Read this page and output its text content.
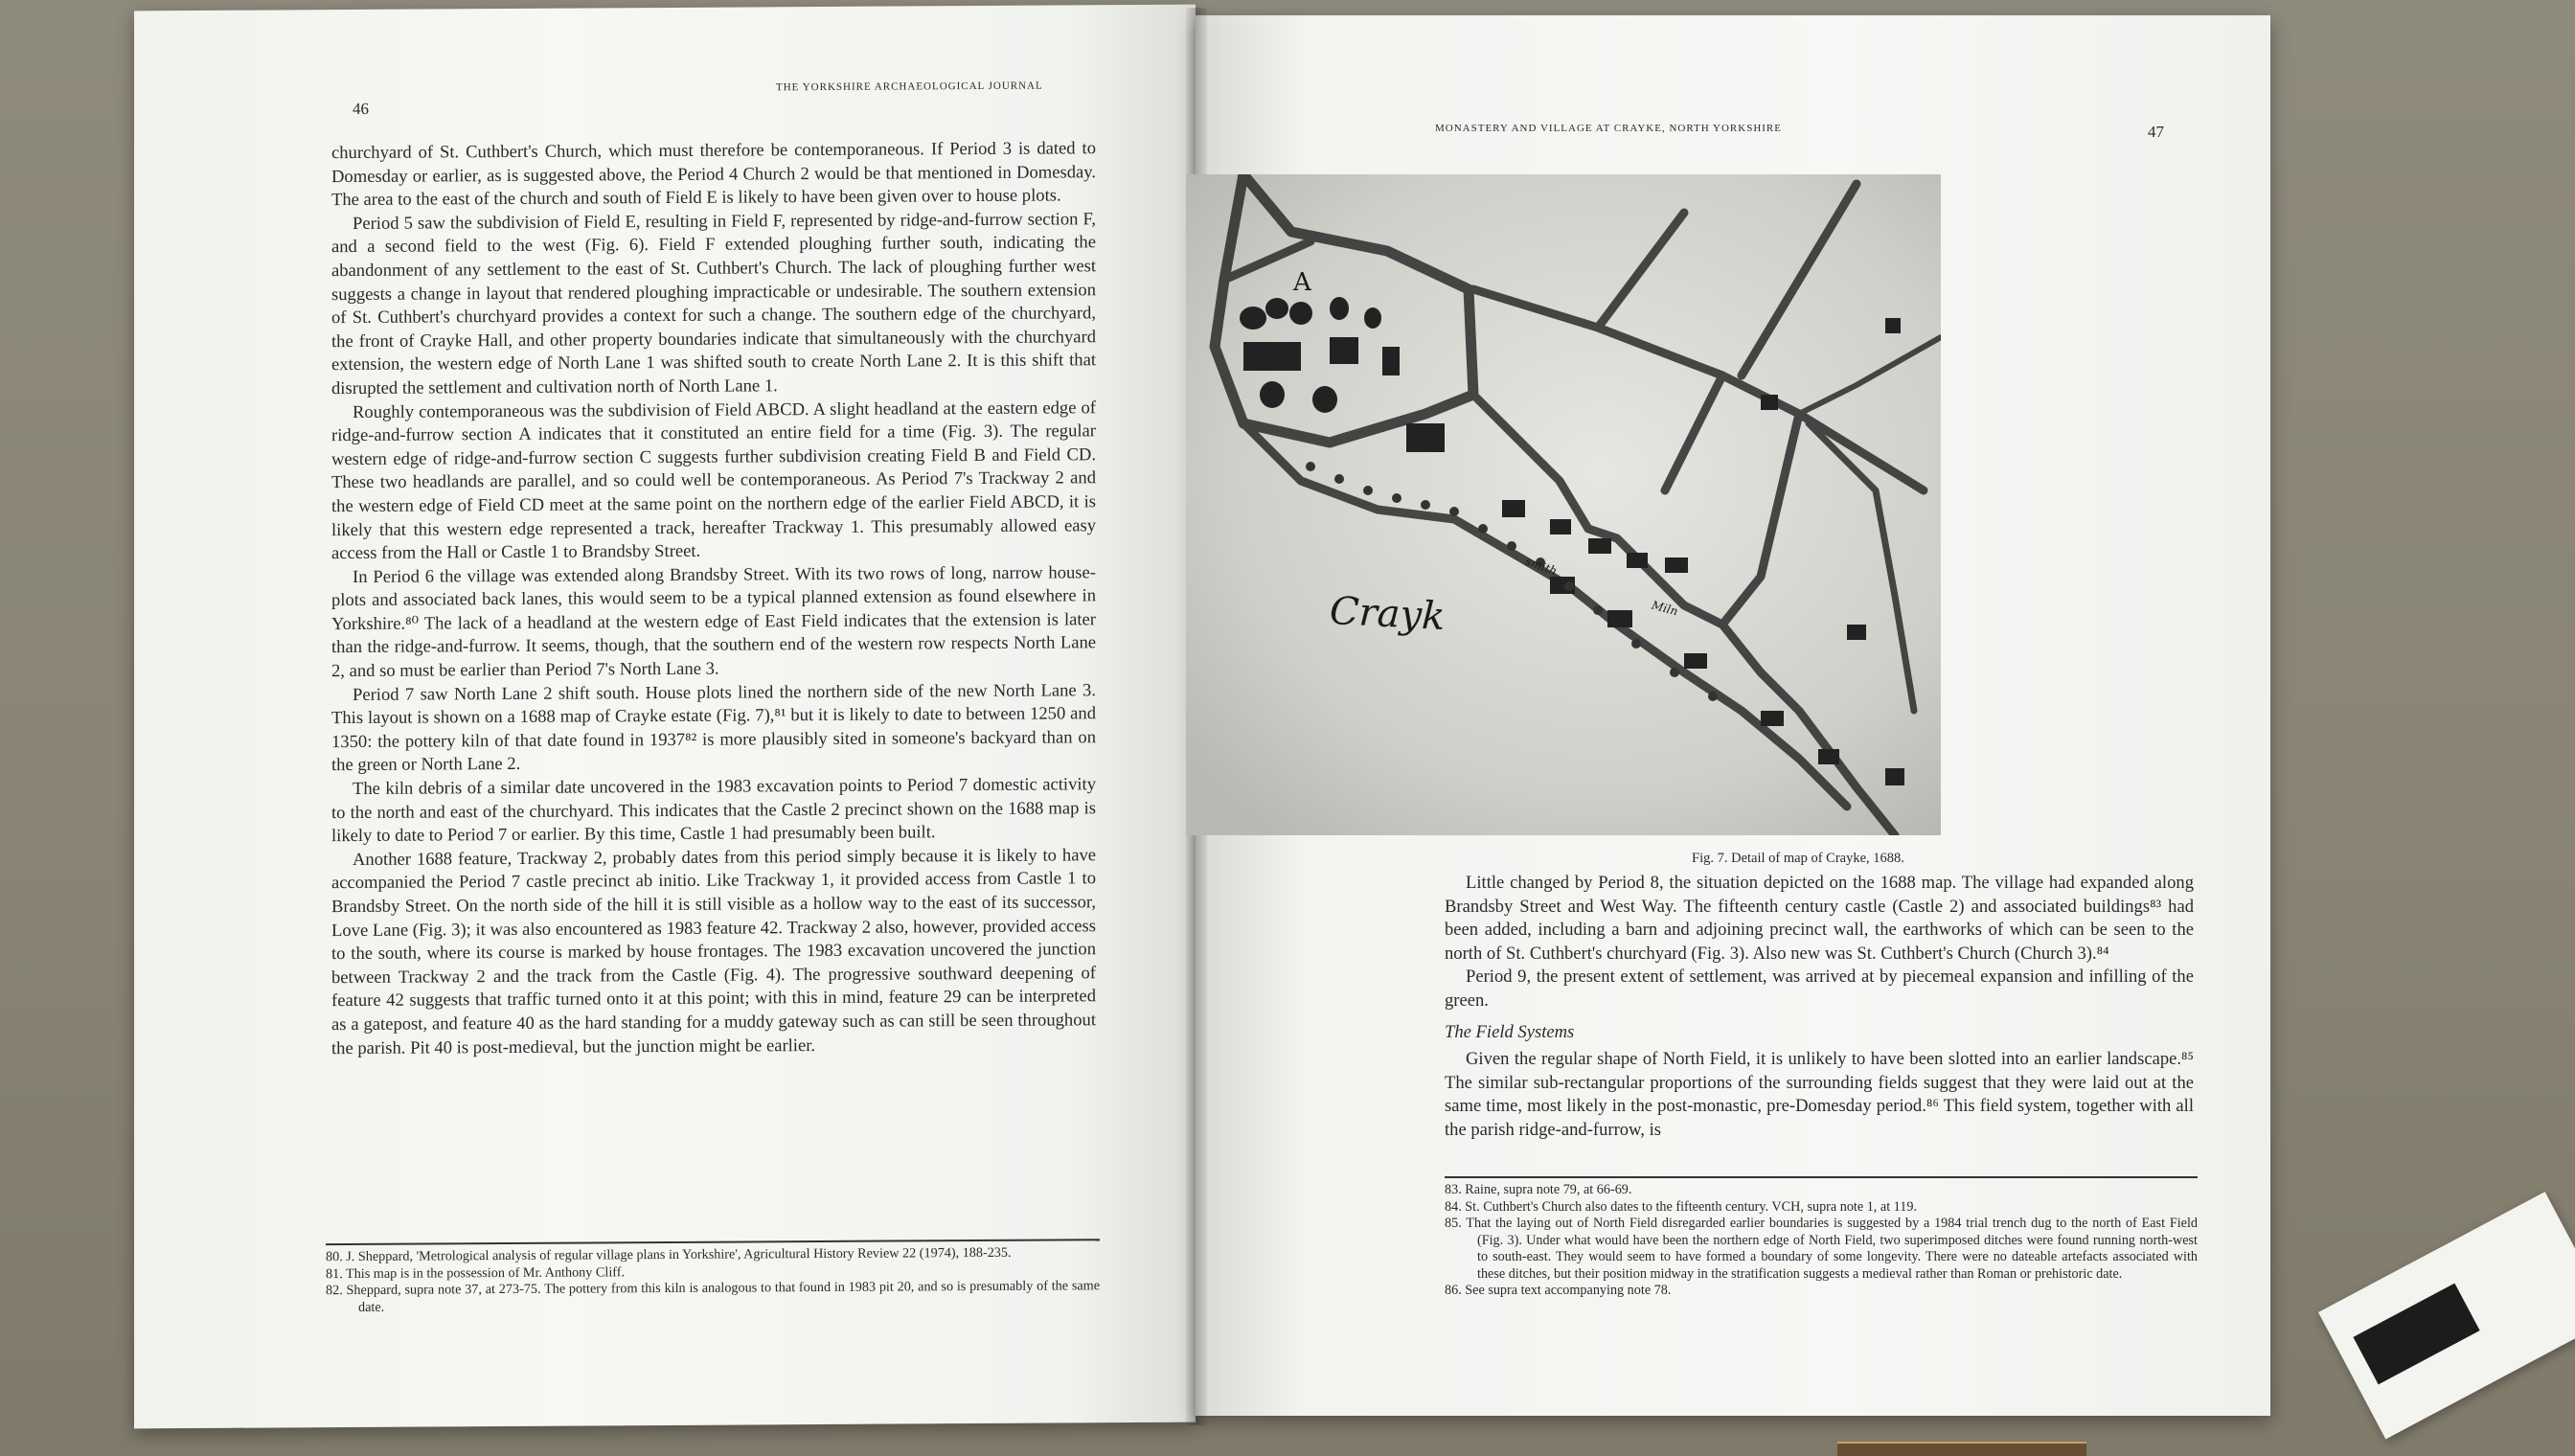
46
THE YORKSHIRE ARCHAEOLOGICAL JOURNAL

churchyard of St. Cuthbert's Church, which must therefore be contemporaneous. If Period 3 is dated to Domesday or earlier, as is suggested above, the Period 4 Church 2 would be that mentioned in Domesday. The area to the east of the church and south of Field E is likely to have been given over to house plots.

Period 5 saw the subdivision of Field E, resulting in Field F, represented by ridge-and-furrow section F, and a second field to the west (Fig. 6). Field F extended ploughing further south, indicating the abandonment of any settlement to the east of St. Cuthbert's Church. The lack of ploughing further west suggests a change in layout that rendered ploughing impracticable or undesirable. The southern extension of St. Cuthbert's churchyard provides a context for such a change. The southern edge of the churchyard, the front of Crayke Hall, and other property boundaries indicate that simultaneously with the churchyard extension, the western edge of North Lane 1 was shifted south to create North Lane 2. It is this shift that disrupted the settlement and cultivation north of North Lane 1.

Roughly contemporaneous was the subdivision of Field ABCD. A slight headland at the eastern edge of ridge-and-furrow section A indicates that it constituted an entire field for a time (Fig. 3). The regular western edge of ridge-and-furrow section C suggests further subdivision creating Field B and Field CD. These two headlands are parallel, and so could well be contemporaneous. As Period 7's Trackway 2 and the western edge of Field CD meet at the same point on the northern edge of the earlier Field ABCD, it is likely that this western edge represented a track, hereafter Trackway 1. This presumably allowed easy access from the Hall or Castle 1 to Brandsby Street.

In Period 6 the village was extended along Brandsby Street. With its two rows of long, narrow house-plots and associated back lanes, this would seem to be a typical planned extension as found elsewhere in Yorkshire.⁸⁰ The lack of a headland at the western edge of East Field indicates that the extension is later than the ridge-and-furrow. It seems, though, that the southern end of the western row respects North Lane 2, and so must be earlier than Period 7's North Lane 3.

Period 7 saw North Lane 2 shift south. House plots lined the northern side of the new North Lane 3. This layout is shown on a 1688 map of Crayke estate (Fig. 7),⁸¹ but it is likely to date to between 1250 and 1350: the pottery kiln of that date found in 1937⁸² is more plausibly sited in someone's backyard than on the green or North Lane 2.

The kiln debris of a similar date uncovered in the 1983 excavation points to Period 7 domestic activity to the north and east of the churchyard. This indicates that the Castle 2 precinct shown on the 1688 map is likely to date to Period 7 or earlier. By this time, Castle 1 had presumably been built.

Another 1688 feature, Trackway 2, probably dates from this period simply because it is likely to have accompanied the Period 7 castle precinct ab initio. Like Trackway 1, it provided access from Castle 1 to Brandsby Street. On the north side of the hill it is still visible as a hollow way to the east of its successor, Love Lane (Fig. 3); it was also encountered as 1983 feature 42. Trackway 2 also, however, provided access to the south, where its course is marked by house frontages. The 1983 excavation uncovered the junction between Trackway 2 and the track from the Castle (Fig. 4). The progressive southward deepening of feature 42 suggests that traffic turned onto it at this point; with this in mind, feature 29 can be interpreted as a gatepost, and feature 40 as the hard standing for a muddy gateway such as can still be seen throughout the parish. Pit 40 is post-medieval, but the junction might be earlier.

80. J. Sheppard, 'Metrological analysis of regular village plans in Yorkshire', Agricultural History Review 22 (1974), 188-235.
81. This map is in the possession of Mr. Anthony Cliff.
82. Sheppard, supra note 37, at 273-75. The pottery from this kiln is analogous to that found in 1983 pit 20, and so is presumably of the same date.
MONASTERY AND VILLAGE AT CRAYKE, NORTH YORKSHIRE	47
Fig. 7. Detail of map of Crayke, 1688.

Little changed by Period 8, the situation depicted on the 1688 map. The village had expanded along Brandsby Street and West Way. The fifteenth century castle (Castle 2) and associated buildings⁸³ had been added, including a barn and adjoining precinct wall, the earthworks of which can be seen to the north of St. Cuthbert's churchyard (Fig. 3). Also new was St. Cuthbert's Church (Church 3).⁸⁴

Period 9, the present extent of settlement, was arrived at by piecemeal expansion and infilling of the green.

The Field Systems

Given the regular shape of North Field, it is unlikely to have been slotted into an earlier landscape.⁸⁵ The similar sub-rectangular proportions of the surrounding fields suggest that they were laid out at the same time, most likely in the post-monastic, pre-Domesday period.⁸⁶ This field system, together with all the parish ridge-and-furrow, is

83. Raine, supra note 79, at 66-69.
84. St. Cuthbert's Church also dates to the fifteenth century. VCH, supra note 1, at 119.
85. That the laying out of North Field disregarded earlier boundaries is suggested by a 1984 trial trench dug to the north of East Field (Fig. 3). Under what would have been the northern edge of North Field, two superimposed ditches were found running north-west to south-east. They would seem to have formed a boundary of some longevity. There were no dateable artefacts associated with these ditches, but their position midway in the stratification suggests a medieval rather than Roman or prehistoric date.
86. See supra text accompanying note 78.
A
Crayk
smith
Miln
